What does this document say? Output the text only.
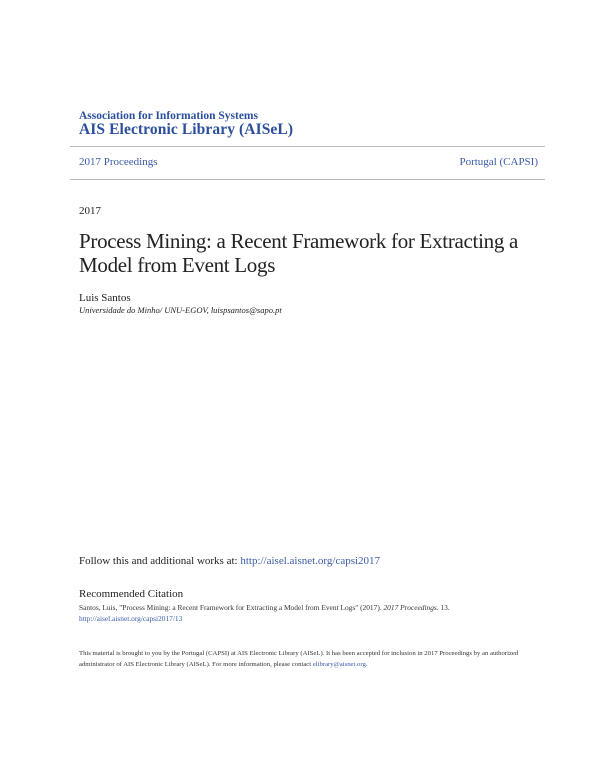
Association for Information Systems
AIS Electronic Library (AISeL)
2017 Proceedings	Portugal (CAPSI)
2017
Process Mining: a Recent Framework for Extracting a Model from Event Logs
Luis Santos
Universidade do Minho/ UNU-EGOV, luispsantos@sapo.pt
Follow this and additional works at: http://aisel.aisnet.org/capsi2017
Recommended Citation
Santos, Luis, "Process Mining: a Recent Framework for Extracting a Model from Event Logs" (2017). 2017 Proceedings. 13.
http://aisel.aisnet.org/capsi2017/13
This material is brought to you by the Portugal (CAPSI) at AIS Electronic Library (AISeL). It has been accepted for inclusion in 2017 Proceedings by an authorized administrator of AIS Electronic Library (AISeL). For more information, please contact elibrary@aisnet.org.
